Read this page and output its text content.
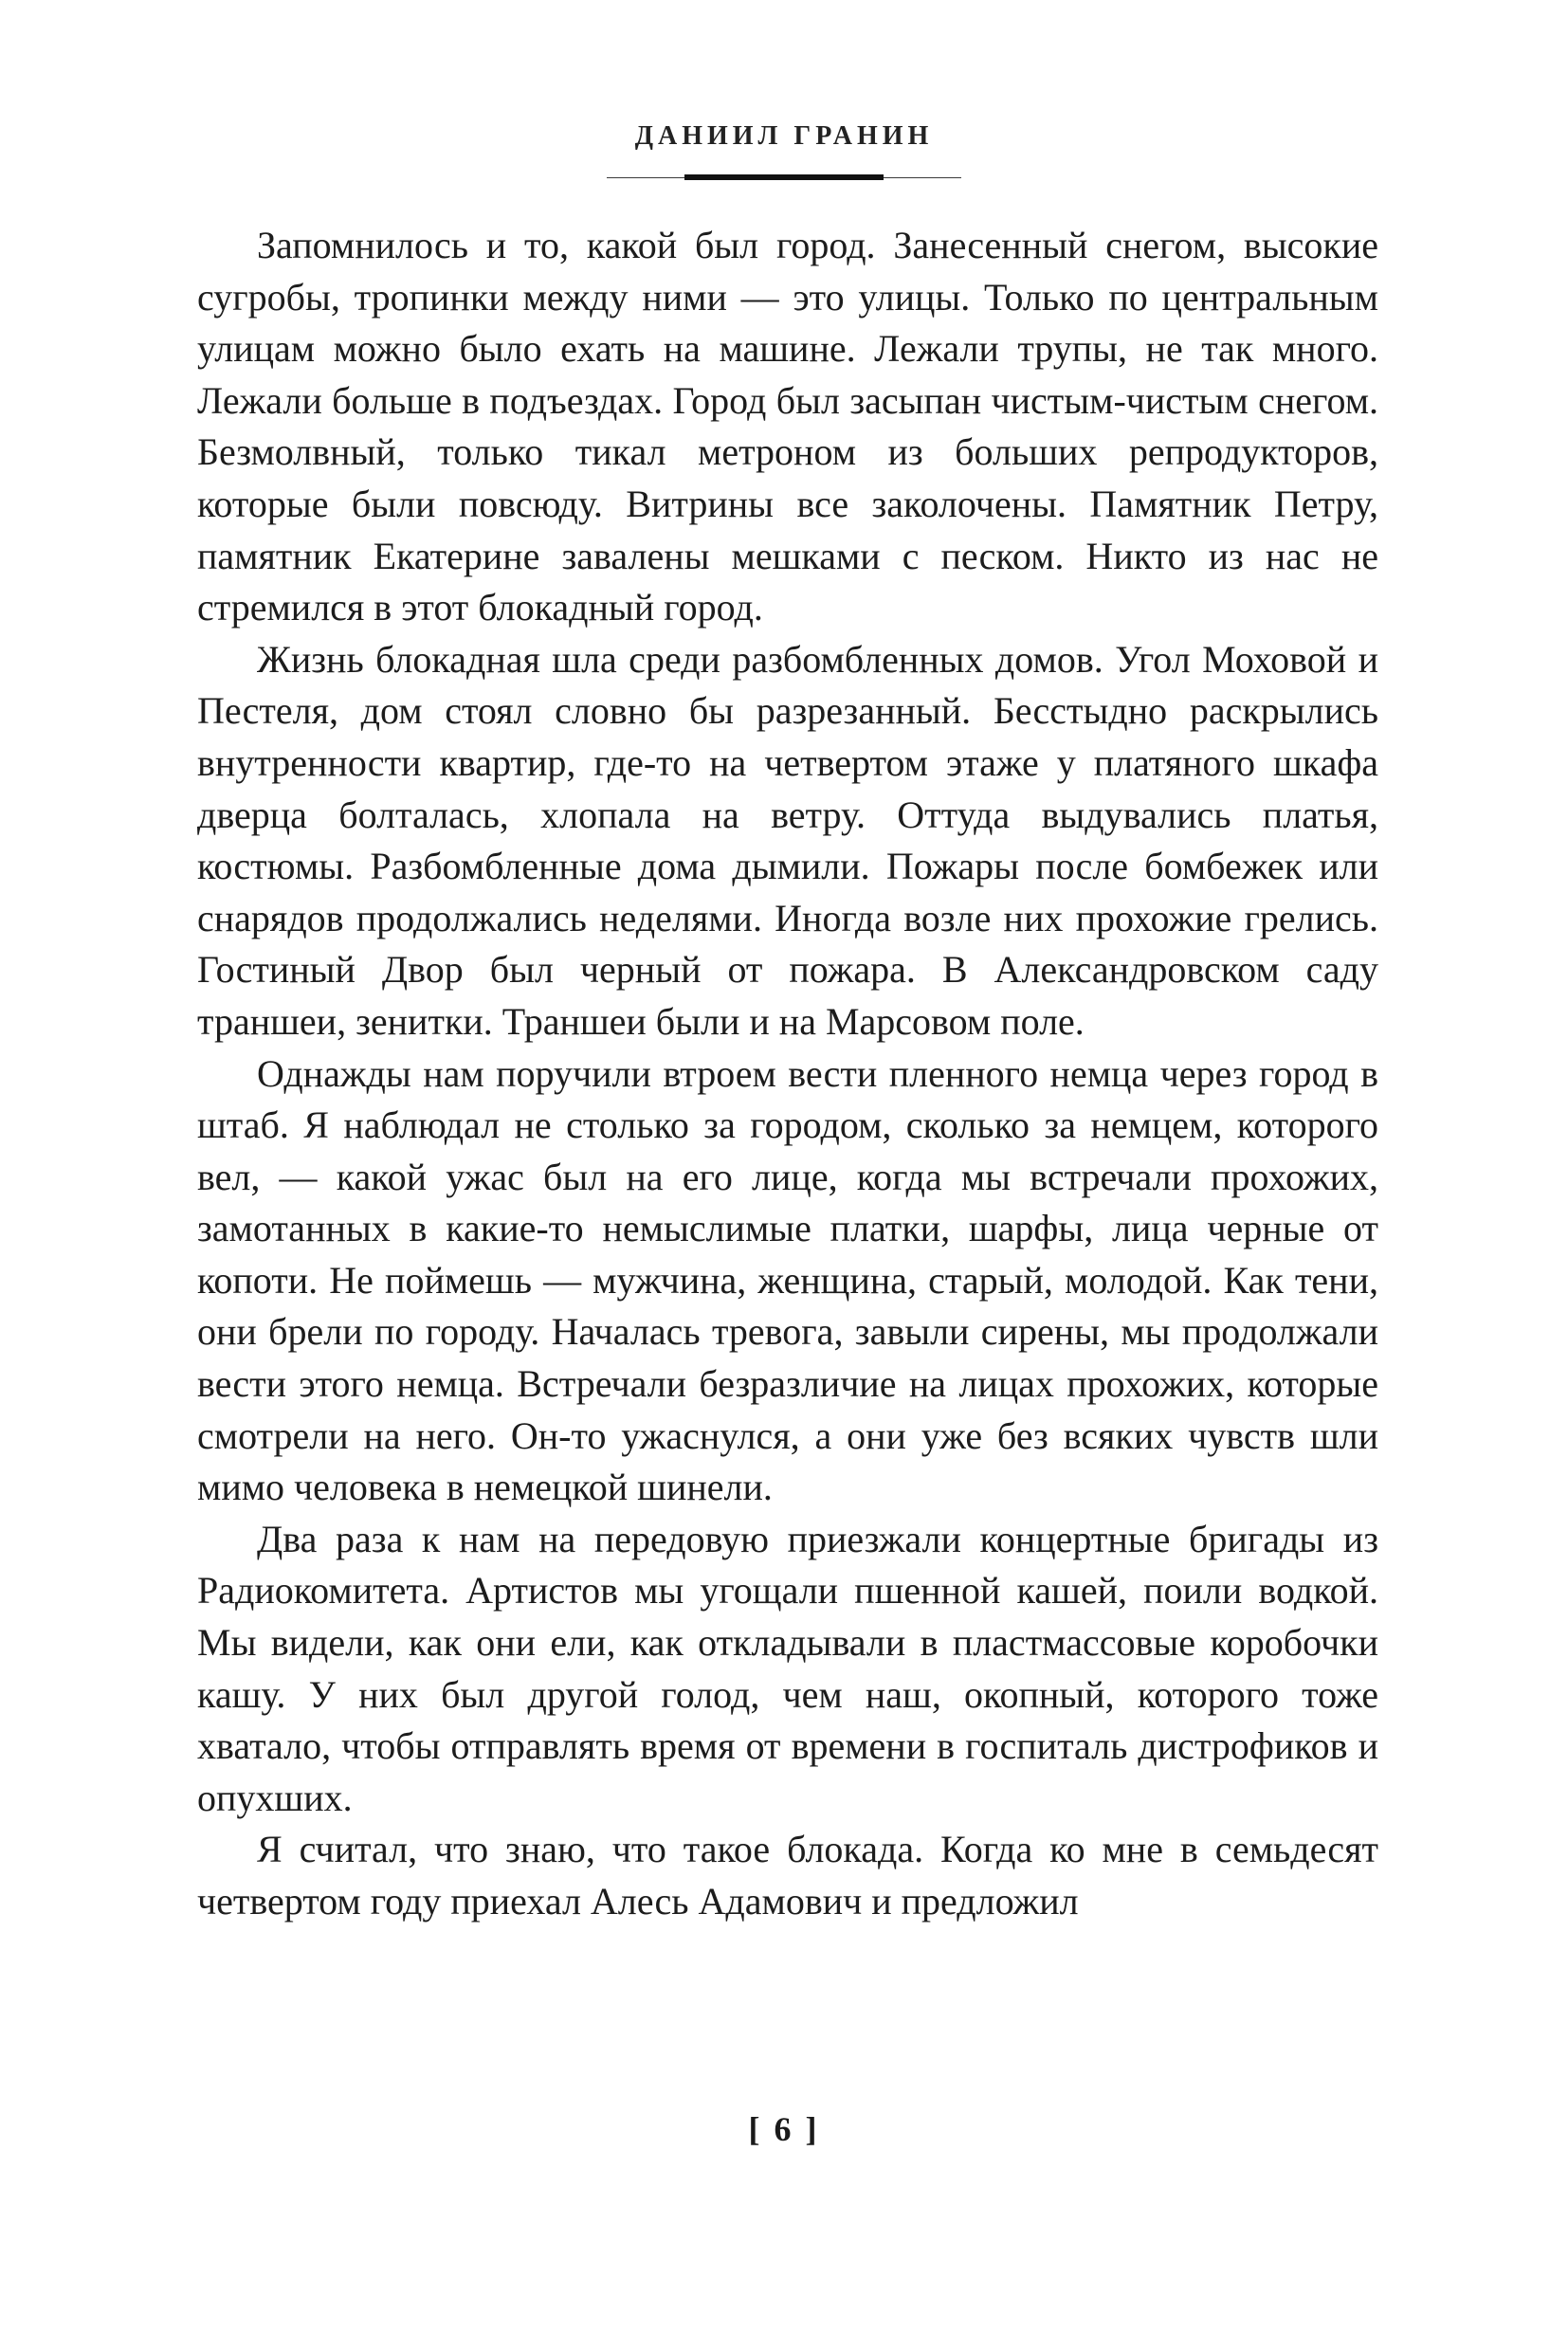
ДАНИИЛ ГРАНИН

Запомнилось и то, какой был город. Занесенный снегом, высокие сугробы, тропинки между ними — это улицы. Только по центральным улицам можно было ехать на машине. Лежали трупы, не так много. Лежали больше в подъездах. Город был засыпан чистым-чистым снегом. Безмолвный, только тикал метроном из больших репродукторов, которые были повсюду. Витрины все заколочены. Памятник Петру, памятник Екатерине завалены мешками с песком. Никто из нас не стремился в этот блокадный город.

Жизнь блокадная шла среди разбомбленных домов. Угол Моховой и Пестеля, дом стоял словно бы разрезанный. Бесстыдно раскрылись внутренности квартир, где-то на четвертом этаже у платяного шкафа дверца болталась, хлопала на ветру. Оттуда выдувались платья, костюмы. Разбомбленные дома дымили. Пожары после бомбежек или снарядов продолжались неделями. Иногда возле них прохожие грелись. Гостиный Двор был черный от пожара. В Александровском саду траншеи, зенитки. Траншеи были и на Марсовом поле.

Однажды нам поручили втроем вести пленного немца через город в штаб. Я наблюдал не столько за городом, сколько за немцем, которого вел, — какой ужас был на его лице, когда мы встречали прохожих, замотанных в какие-то немыслимые платки, шарфы, лица черные от копоти. Не поймешь — мужчина, женщина, старый, молодой. Как тени, они брели по городу. Началась тревога, завыли сирены, мы продолжали вести этого немца. Встречали безразличие на лицах прохожих, которые смотрели на него. Он-то ужаснулся, а они уже без всяких чувств шли мимо человека в немецкой шинели.

Два раза к нам на передовую приезжали концертные бригады из Радиокомитета. Артистов мы угощали пшенной кашей, поили водкой. Мы видели, как они ели, как откладывали в пластмассовые коробочки кашу. У них был другой голод, чем наш, окопный, которого тоже хватало, чтобы отправлять время от времени в госпиталь дистрофиков и опухших.

Я считал, что знаю, что такое блокада. Когда ко мне в семьдесят четвертом году приехал Алесь Адамович и предложил

[ 6 ]
